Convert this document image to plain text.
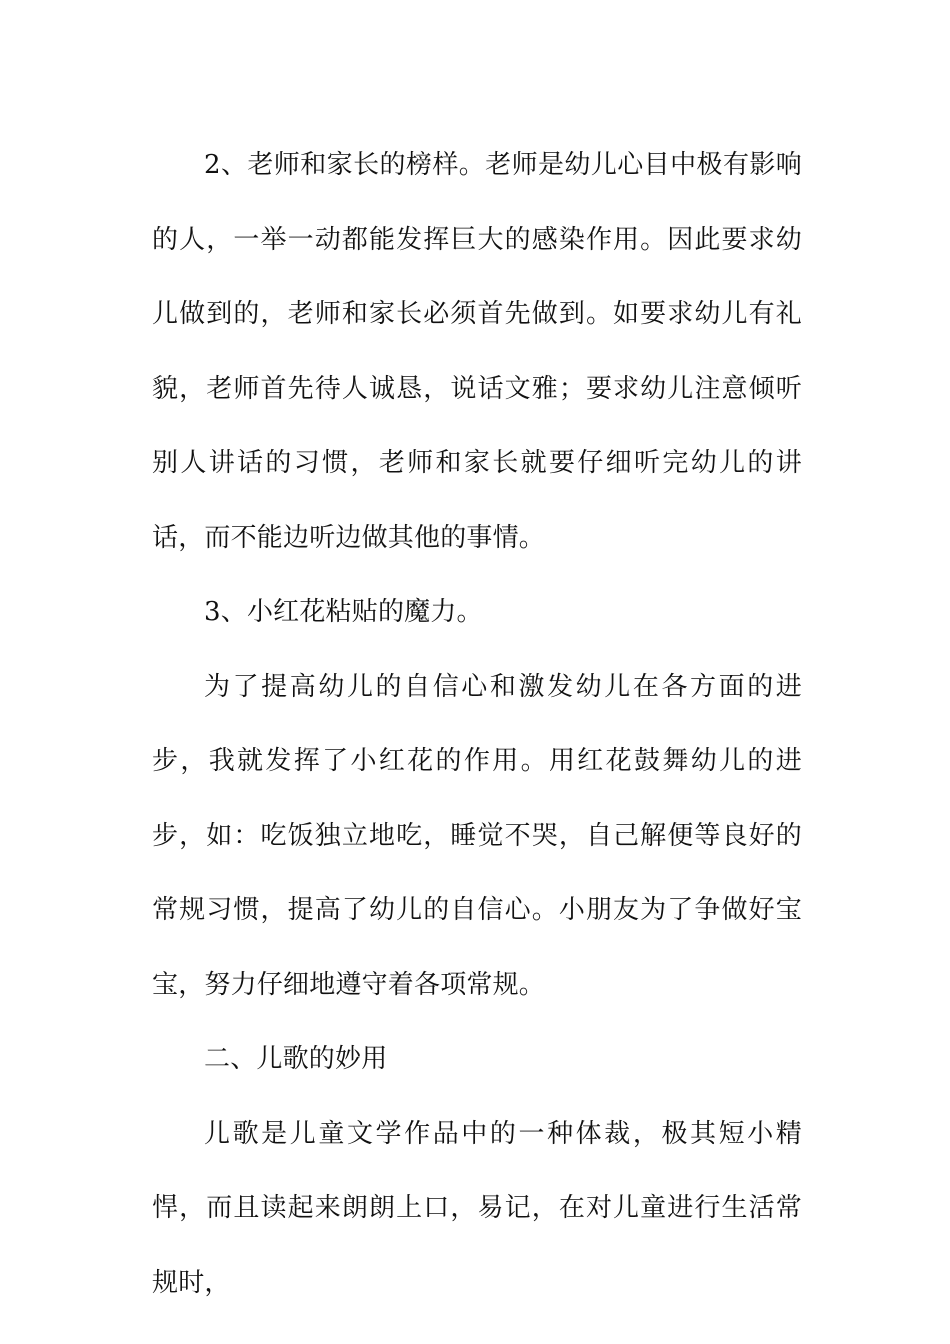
2、老师和家长的榜样。老师是幼儿心目中极有影响的人，一举一动都能发挥巨大的感染作用。因此要求幼儿做到的，老师和家长必须首先做到。如要求幼儿有礼貌，老师首先待人诚恳，说话文雅；要求幼儿注意倾听别人讲话的习惯，老师和家长就要仔细听完幼儿的讲话，而不能边听边做其他的事情。

3、小红花粘贴的魔力。

为了提高幼儿的自信心和激发幼儿在各方面的进步，我就发挥了小红花的作用。用红花鼓舞幼儿的进步，如：吃饭独立地吃，睡觉不哭，自己解便等良好的常规习惯，提高了幼儿的自信心。小朋友为了争做好宝宝，努力仔细地遵守着各项常规。

二、儿歌的妙用

儿歌是儿童文学作品中的一种体裁，极其短小精悍，而且读起来朗朗上口，易记，在对儿童进行生活常规时，
